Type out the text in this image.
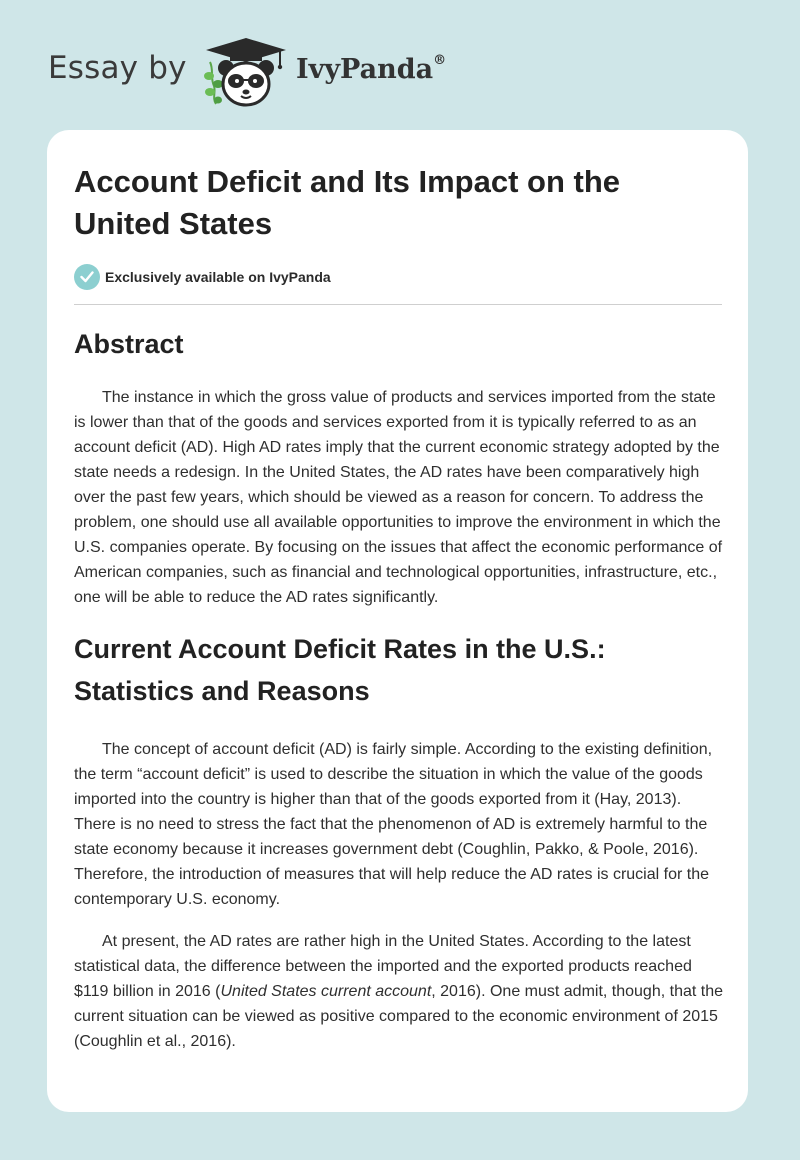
Essay by	IvyPanda®
Account Deficit and Its Impact on the United States
Exclusively available on IvyPanda
Abstract

The instance in which the gross value of products and services imported from the state is lower than that of the goods and services exported from it is typically referred to as an account deficit (AD). High AD rates imply that the current economic strategy adopted by the state needs a redesign. In the United States, the AD rates have been comparatively high over the past few years, which should be viewed as a reason for concern. To address the problem, one should use all available opportunities to improve the environment in which the U.S. companies operate. By focusing on the issues that affect the economic performance of American companies, such as financial and technological opportunities, infrastructure, etc., one will be able to reduce the AD rates significantly.

Current Account Deficit Rates in the U.S.: Statistics and Reasons

The concept of account deficit (AD) is fairly simple. According to the existing definition, the term “account deficit” is used to describe the situation in which the value of the goods imported into the country is higher than that of the goods exported from it (Hay, 2013). There is no need to stress the fact that the phenomenon of AD is extremely harmful to the state economy because it increases government debt (Coughlin, Pakko, & Poole, 2016). Therefore, the introduction of measures that will help reduce the AD rates is crucial for the contemporary U.S. economy.

At present, the AD rates are rather high in the United States. According to the latest statistical data, the difference between the imported and the exported products reached $119 billion in 2016 (United States current account, 2016). One must admit, though, that the current situation can be viewed as positive compared to the economic environment of 2015 (Coughlin et al., 2016).
